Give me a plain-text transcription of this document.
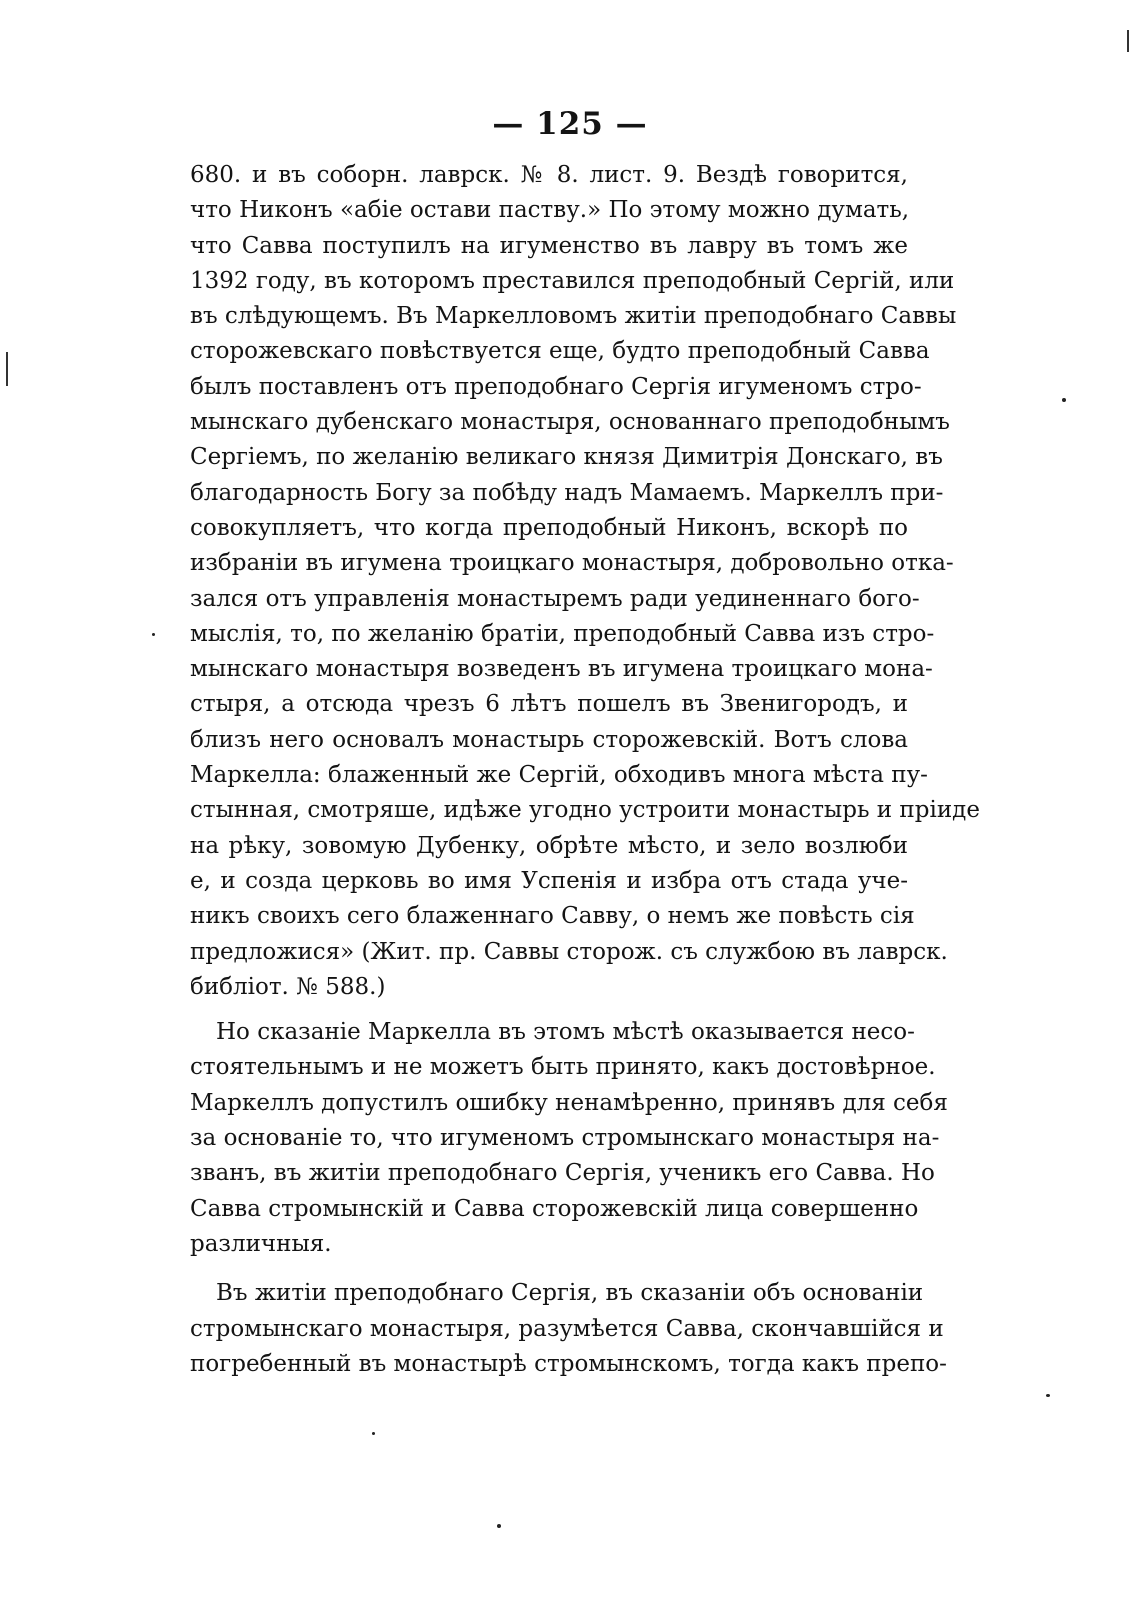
— 125 —
680. и въ соборн. лаврск. № 8. лист. 9. Вездѣ говорится,
что Никонъ «абіе остави паству.» По этому можно думать,
что Савва поступилъ на игуменство въ лавру въ томъ же
1392 году, въ которомъ преставился преподобный Сергій, или
въ слѣдующемъ. Въ Маркелловомъ житіи преподобнаго Саввы
сторожевскаго повѣствуется еще, будто преподобный Савва
былъ поставленъ отъ преподобнаго Сергія игуменомъ стро-
мынскаго дубенскаго монастыря, основаннаго преподобнымъ
Сергіемъ, по желанію великаго князя Димитрія Донскаго, въ
благодарность Богу за побѣду надъ Мамаемъ. Маркеллъ при-
совокупляетъ, что когда преподобный Никонъ, вскорѣ по
избраніи въ игумена троицкаго монастыря, добровольно отка-
зался отъ управленія монастыремъ ради уединеннаго бого-
мыслія, то, по желанію братіи, преподобный Савва изъ стро-
мынскаго монастыря возведенъ въ игумена троицкаго мона-
стыря, а отсюда чрезъ 6 лѣтъ пошелъ въ Звенигородъ, и
близъ него основалъ монастырь сторожевскій. Вотъ слова
Маркелла: блаженный же Сергій, обходивъ многа мѣста пу-
стынная, смотряше, идѣже угодно устроити монастырь и пріиде
на рѣку, зовомую Дубенку, обрѣте мѣсто, и зело возлюби
е, и созда церковь во имя Успенія и избра отъ стада уче-
никъ своихъ сего блаженнаго Савву, о немъ же повѣсть сія
предложися» (Жит. пр. Саввы сторож. съ службою въ лаврск.
библіот. № 588.)
Но сказаніе Маркелла въ этомъ мѣстѣ оказывается несо-
стоятельнымъ и не можетъ быть принято, какъ достовѣрное.
Маркеллъ допустилъ ошибку ненамѣренно, принявъ для себя
за основаніе то, что игуменомъ стромынскаго монастыря на-
званъ, въ житіи преподобнаго Сергія, ученикъ его Савва. Но
Савва стромынскій и Савва сторожевскій лица совершенно
различныя.
Въ житіи преподобнаго Сергія, въ сказаніи объ основаніи
стромынскаго монастыря, разумѣется Савва, скончавшійся и
погребенный въ монастырѣ стромынскомъ, тогда какъ препо-
